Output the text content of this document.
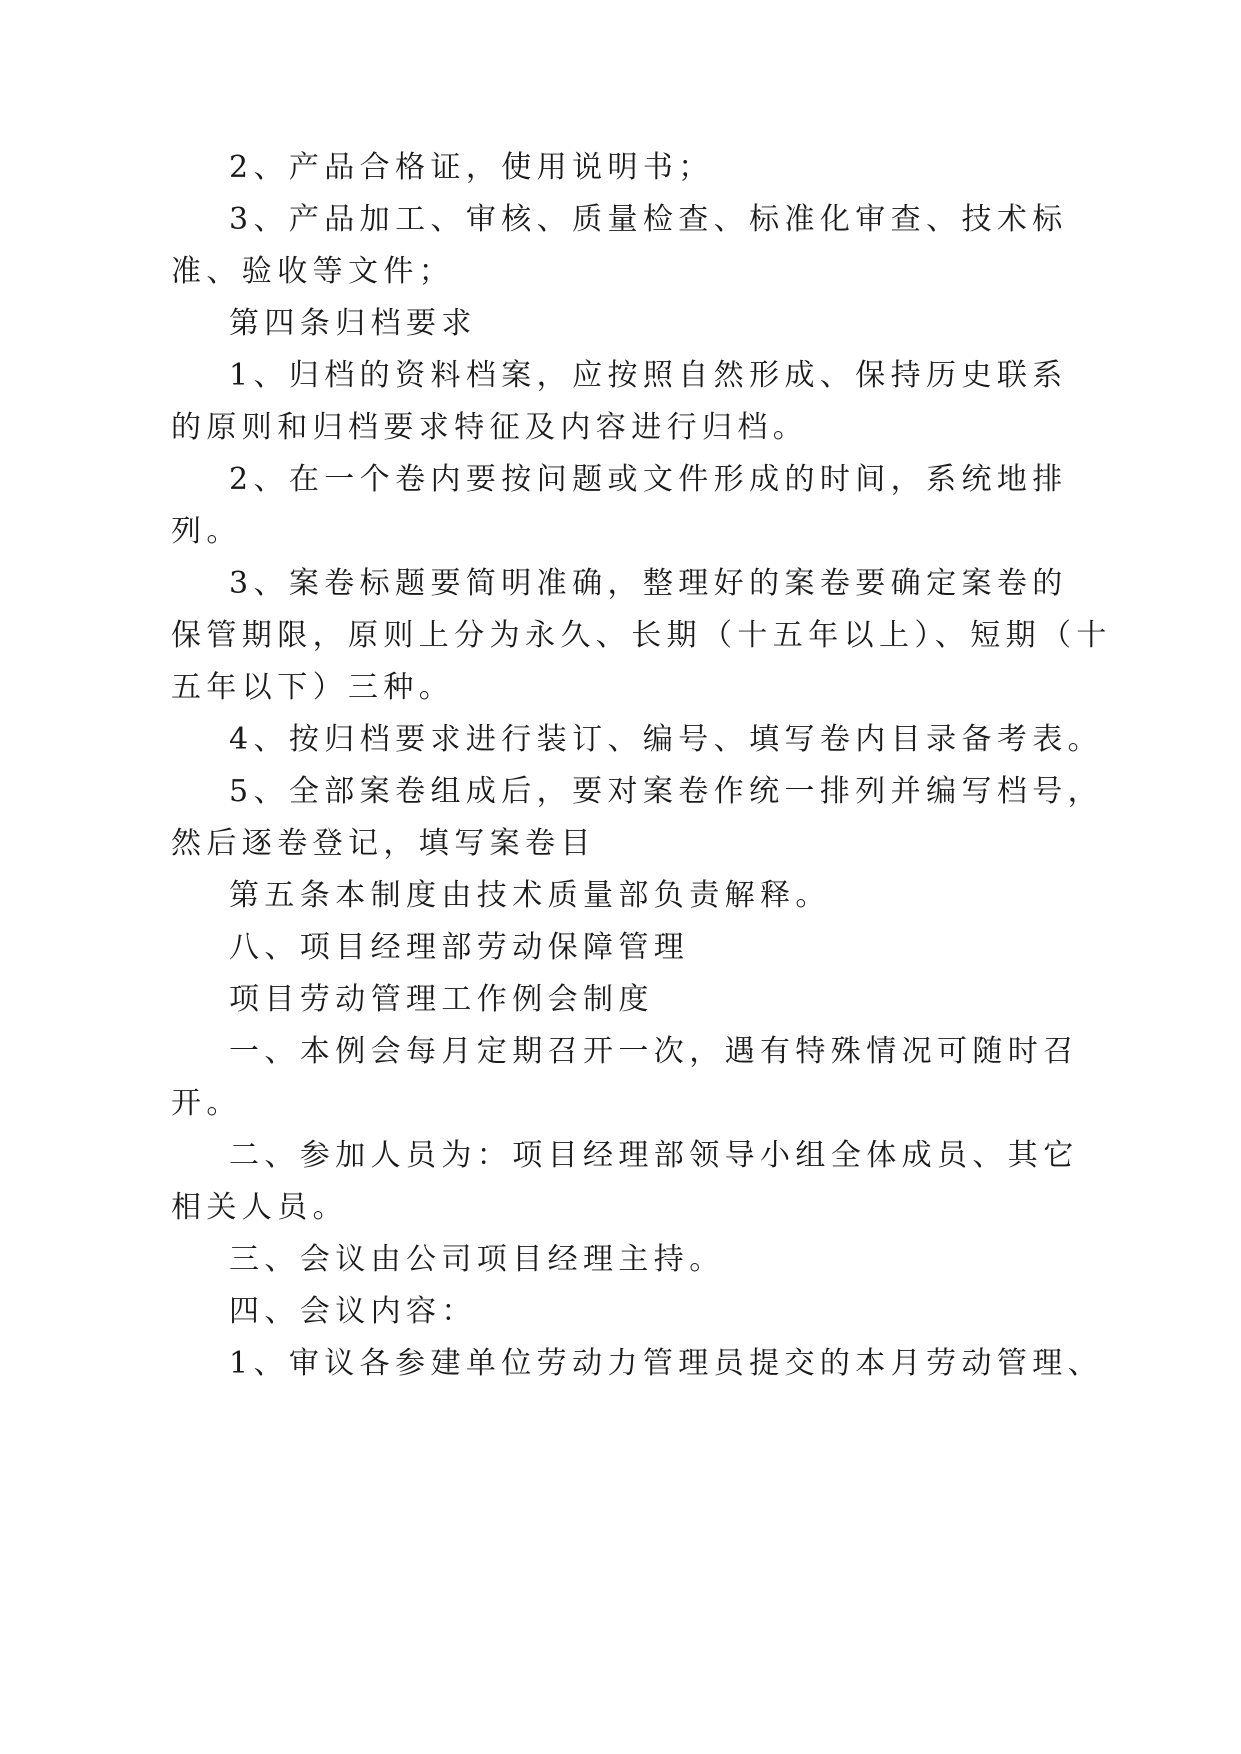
2、产品合格证，使用说明书；
3、产品加工、审核、质量检查、标准化审查、技术标
准、验收等文件；
第四条归档要求
1、归档的资料档案，应按照自然形成、保持历史联系
的原则和归档要求特征及内容进行归档。
2、在一个卷内要按问题或文件形成的时间，系统地排
列。
3、案卷标题要简明准确，整理好的案卷要确定案卷的
保管期限，原则上分为永久、长期（十五年以上）、短期（十
五年以下）三种。
4、按归档要求进行装订、编号、填写卷内目录备考表。
5、全部案卷组成后，要对案卷作统一排列并编写档号，
然后逐卷登记，填写案卷目
第五条本制度由技术质量部负责解释。
八、项目经理部劳动保障管理
项目劳动管理工作例会制度
一、本例会每月定期召开一次，遇有特殊情况可随时召
开。
二、参加人员为：项目经理部领导小组全体成员、其它
相关人员。
三、会议由公司项目经理主持。
四、会议内容：
1、审议各参建单位劳动力管理员提交的本月劳动管理、
